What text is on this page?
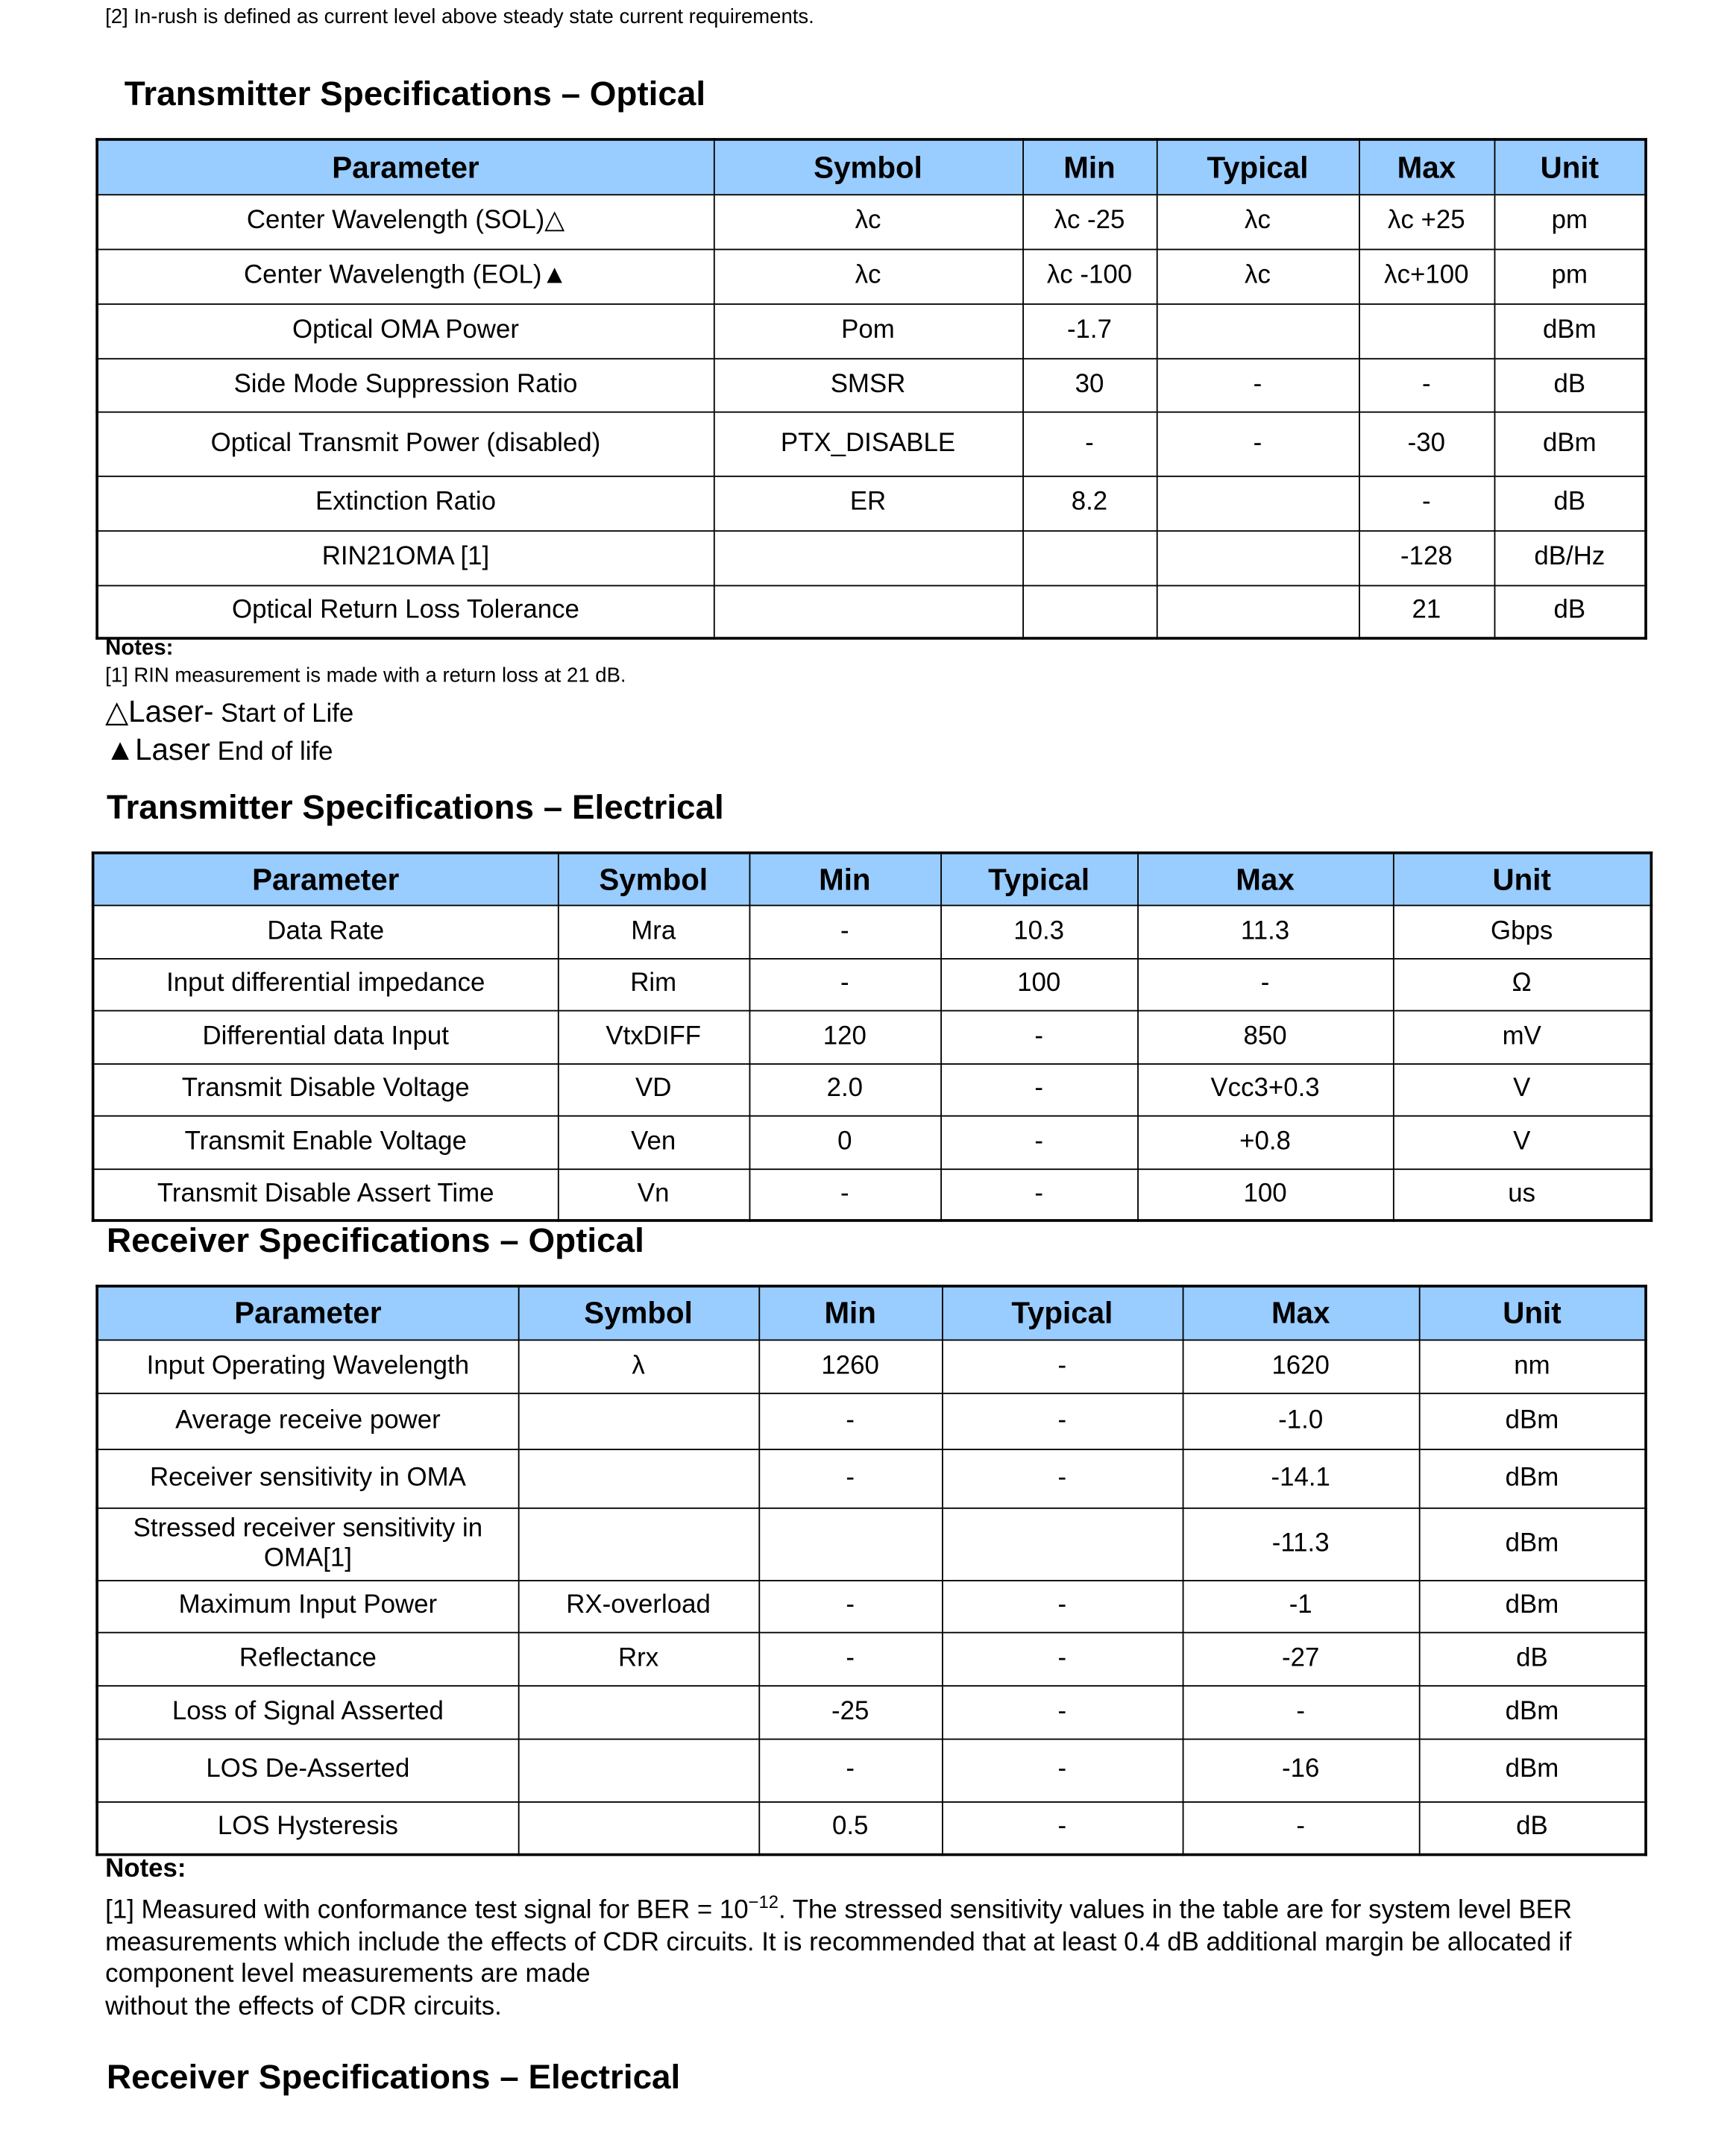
[2] In-rush is defined as current level above steady state current requirements.
Transmitter Specifications – Optical
Parameter	Symbol	Min	Typical	Max	Unit
Center Wavelength (SOL)△	λc	λc -25	λc	λc +25	pm
Center Wavelength (EOL)▲	λc	λc -100	λc	λc+100	pm
Optical OMA Power	Pom	-1.7			dBm
Side Mode Suppression Ratio	SMSR	30	-	-	dB
Optical Transmit Power (disabled)	PTX_DISABLE	-	-	-30	dBm
Extinction Ratio	ER	8.2		-	dB
RIN21OMA [1]				-128	dB/Hz
Optical Return Loss Tolerance				21	dB
Notes:
[1] RIN measurement is made with a return loss at 21 dB.
△Laser- Start of Life
▲Laser End of life
Transmitter Specifications – Electrical
Parameter	Symbol	Min	Typical	Max	Unit
Data Rate	Mra	-	10.3	11.3	Gbps
Input differential impedance	Rim	-	100	-	Ω
Differential data Input	VtxDIFF	120	-	850	mV
Transmit Disable Voltage	VD	2.0	-	Vcc3+0.3	V
Transmit Enable Voltage	Ven	0	-	+0.8	V
Transmit Disable Assert Time	Vn	-	-	100	us
Receiver Specifications – Optical
Parameter	Symbol	Min	Typical	Max	Unit
Input Operating Wavelength	λ	1260	-	1620	nm
Average receive power		-	-	-1.0	dBm
Receiver sensitivity in OMA		-	-	-14.1	dBm
Stressed receiver sensitivity in OMA[1]				-11.3	dBm
Maximum Input Power	RX-overload	-	-	-1	dBm
Reflectance	Rrx	-	-	-27	dB
Loss of Signal Asserted		-25	-	-	dBm
LOS De-Asserted		-	-	-16	dBm
LOS Hysteresis		0.5	-	-	dB
Notes:
[1] Measured with conformance test signal for BER = $10^{-12}$. The stressed sensitivity values in the table are for system level BER measurements which include the effects of CDR circuits. It is recommended that at least 0.4 dB additional margin be allocated if component level measurements are made
without the effects of CDR circuits.
Receiver Specifications – Electrical
